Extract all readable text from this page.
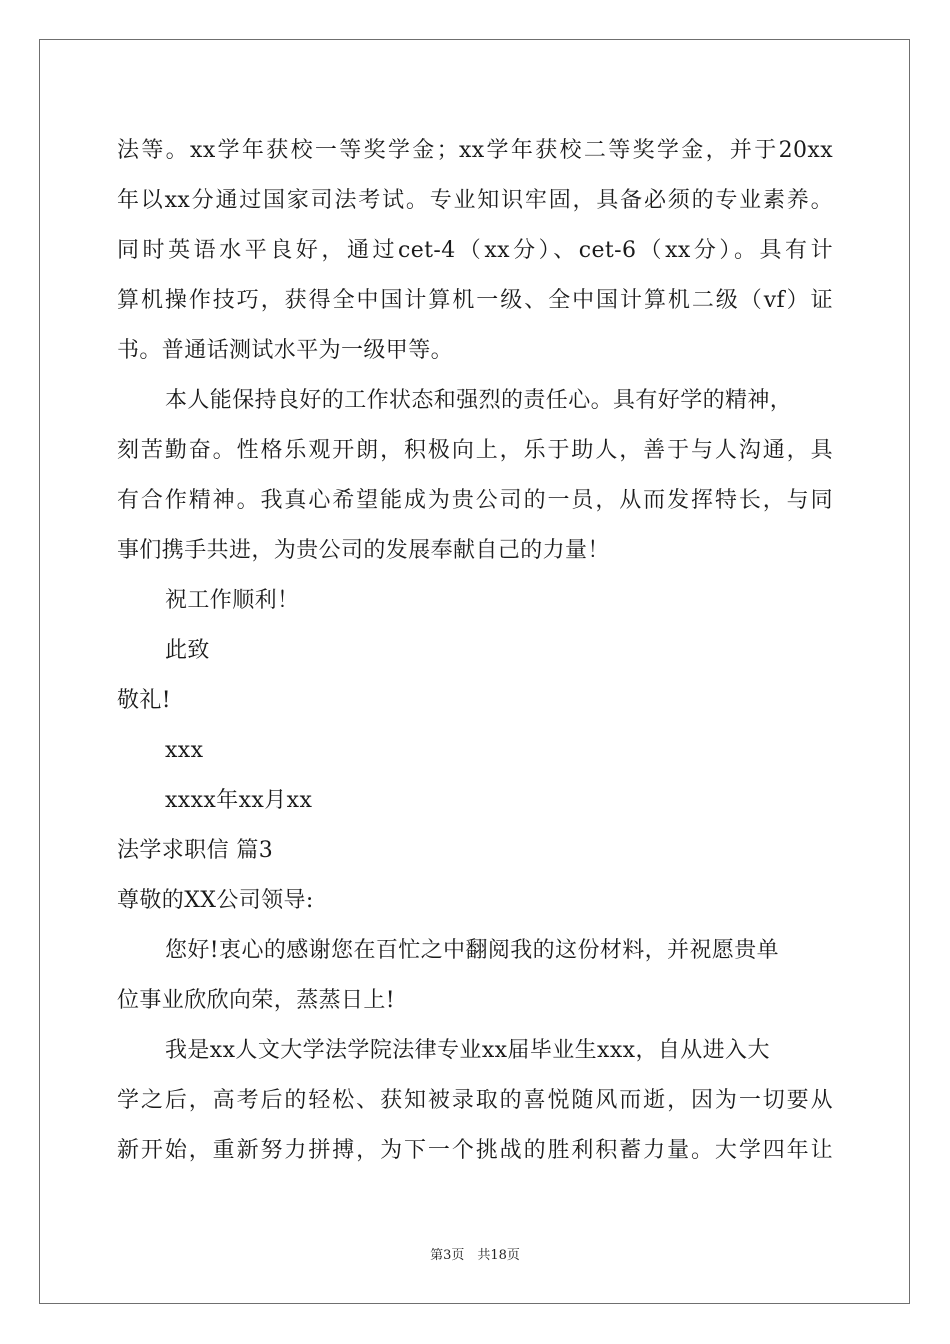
法等。xx学年获校一等奖学金；xx学年获校二等奖学金，并于20xx
年以xx分通过国家司法考试。专业知识牢固，具备必须的专业素养。
同时英语水平良好，通过cet-4（xx分）、cet-6（xx分）。具有计
算机操作技巧，获得全中国计算机一级、全中国计算机二级（vf）证
书。普通话测试水平为一级甲等。
本人能保持良好的工作状态和强烈的责任心。具有好学的精神，
刻苦勤奋。性格乐观开朗，积极向上，乐于助人，善于与人沟通，具
有合作精神。我真心希望能成为贵公司的一员，从而发挥特长，与同
事们携手共进，为贵公司的发展奉献自己的力量！
祝工作顺利！
此致
敬礼!
xxx
xxxx年xx月xx
法学求职信 篇3
尊敬的XX公司领导:
您好!衷心的感谢您在百忙之中翻阅我的这份材料，并祝愿贵单
位事业欣欣向荣，蒸蒸日上!
我是xx人文大学法学院法律专业xx届毕业生xxx，自从进入大
学之后，高考后的轻松、获知被录取的喜悦随风而逝，因为一切要从
新开始，重新努力拼搏，为下一个挑战的胜利积蓄力量。大学四年让
第3页　共18页
